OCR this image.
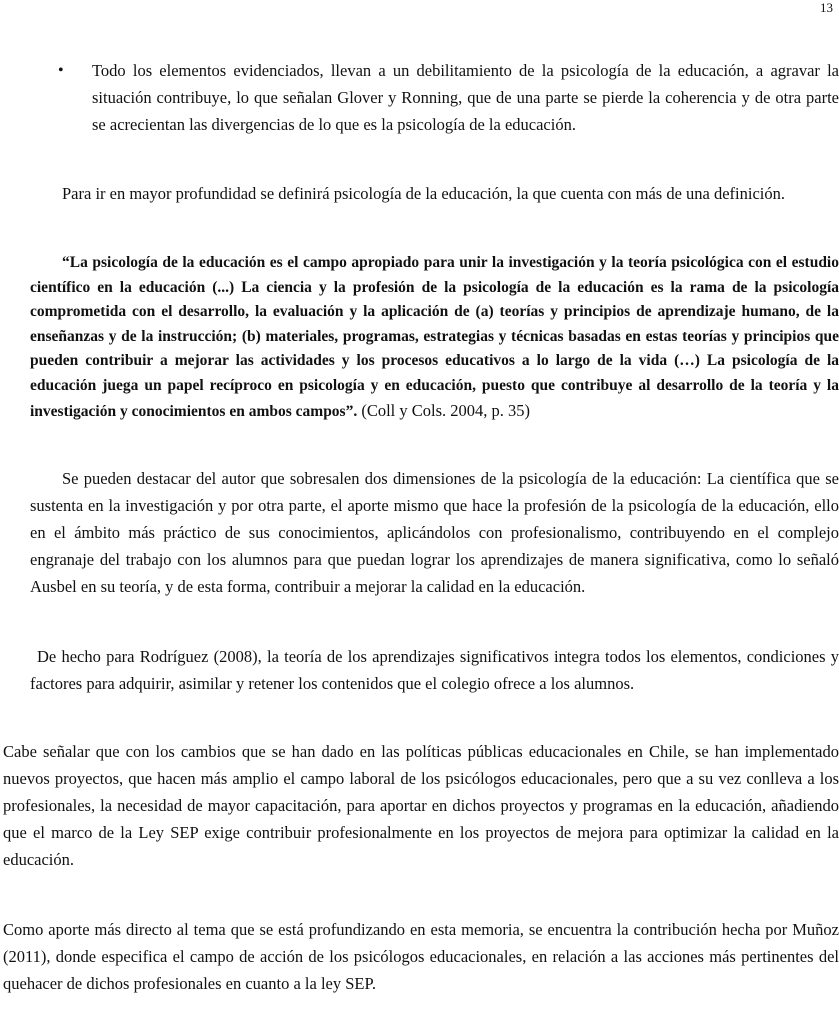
13
• Todo los elementos evidenciados, llevan a un debilitamiento de la psicología de la educación, a agravar la situación contribuye, lo que señalan Glover y Ronning, que de una parte se pierde la coherencia y de otra parte se acrecientan las divergencias de lo que es la psicología de la educación.

Para ir en mayor profundidad se definirá psicología de la educación, la que cuenta con más de una definición.

“La psicología de la educación es el campo apropiado para unir la investigación y la teoría psicológica con el estudio científico en la educación (...) La ciencia y la profesión de la psicología de la educación es la rama de la psicología comprometida con el desarrollo, la evaluación y la aplicación de (a) teorías y principios de aprendizaje humano, de la enseñanzas y de la instrucción; (b) materiales, programas, estrategias y técnicas basadas en estas teorías y principios que pueden contribuir a mejorar las actividades y los procesos educativos a lo largo de la vida (…) La psicología de la educación juega un papel recíproco en psicología y en educación, puesto que contribuye al desarrollo de la teoría y la investigación y conocimientos en ambos campos”. (Coll y Cols. 2004, p. 35)

Se pueden destacar del autor que sobresalen dos dimensiones de la psicología de la educación: La científica que se sustenta en la investigación y por otra parte, el aporte mismo que hace la profesión de la psicología de la educación, ello en el ámbito más práctico de sus conocimientos, aplicándolos con profesionalismo, contribuyendo en el complejo engranaje del trabajo con los alumnos para que puedan lograr los aprendizajes de manera significativa, como lo señaló Ausbel en su teoría, y de esta forma, contribuir a mejorar la calidad en la educación.

De hecho para Rodríguez (2008), la teoría de los aprendizajes significativos integra todos los elementos, condiciones y factores para adquirir, asimilar y retener los contenidos que el colegio ofrece a los alumnos.

Cabe señalar que con los cambios que se han dado en las políticas públicas educacionales en Chile, se han implementado nuevos proyectos, que hacen más amplio el campo laboral de los psicólogos educacionales, pero que a su vez conlleva a los profesionales, la necesidad de mayor capacitación, para aportar en dichos proyectos y programas en la educación, añadiendo que el marco de la Ley SEP exige contribuir profesionalmente en los proyectos de mejora para optimizar la calidad en la educación.

Como aporte más directo al tema que se está profundizando en esta memoria, se encuentra la contribución hecha por Muñoz (2011), donde especifica el campo de acción de los psicólogos educacionales, en relación a las acciones más pertinentes del quehacer de dichos profesionales en cuanto a la ley SEP.
